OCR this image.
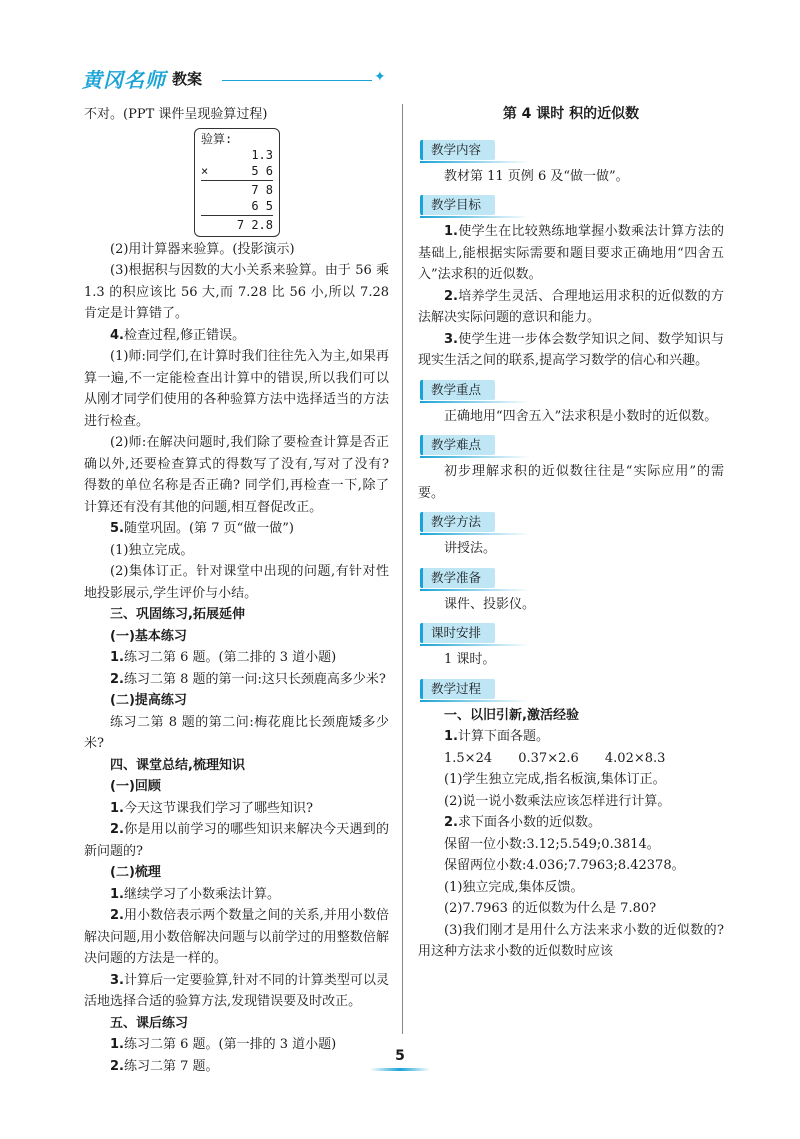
黄冈名师 教案	✦

不对。(PPT 课件呈现验算过程)

验算:
1.3
×	5 6
7 8
6 5
7 2.8

(2)用计算器来验算。(投影演示)

(3)根据积与因数的大小关系来验算。由于 56 乘 1.3 的积应该比 56 大,而 7.28 比 56 小,所以 7.28 肯定是计算错了。

4.检查过程,修正错误。

(1)师:同学们,在计算时我们往往先入为主,如果再算一遍,不一定能检查出计算中的错误,所以我们可以从刚才同学们使用的各种验算方法中选择适当的方法进行检查。

(2)师:在解决问题时,我们除了要检查计算是否正确以外,还要检查算式的得数写了没有,写对了没有? 得数的单位名称是否正确? 同学们,再检查一下,除了计算还有没有其他的问题,相互督促改正。

5.随堂巩固。(第 7 页“做一做”)

(1)独立完成。

(2)集体订正。针对课堂中出现的问题,有针对性地投影展示,学生评价与小结。

三、巩固练习,拓展延伸

(一)基本练习

1.练习二第 6 题。(第二排的 3 道小题)

2.练习二第 8 题的第一问:这只长颈鹿高多少米?

(二)提高练习

练习二第 8 题的第二问:梅花鹿比长颈鹿矮多少米?

四、课堂总结,梳理知识

(一)回顾

1.今天这节课我们学习了哪些知识?

2.你是用以前学习的哪些知识来解决今天遇到的新问题的?

(二)梳理

1.继续学习了小数乘法计算。

2.用小数倍表示两个数量之间的关系,并用小数倍解决问题,用小数倍解决问题与以前学过的用整数倍解决问题的方法是一样的。

3.计算后一定要验算,针对不同的计算类型可以灵活地选择合适的验算方法,发现错误要及时改正。

五、课后练习

1.练习二第 6 题。(第一排的 3 道小题)

2.练习二第 7 题。

第 4 课时 积的近似数

教学内容

教材第 11 页例 6 及“做一做”。

教学目标

1.使学生在比较熟练地掌握小数乘法计算方法的基础上,能根据实际需要和题目要求正确地用“四舍五入”法求积的近似数。

2.培养学生灵活、合理地运用求积的近似数的方法解决实际问题的意识和能力。

3.使学生进一步体会数学知识之间、数学知识与现实生活之间的联系,提高学习数学的信心和兴趣。

教学重点

正确地用“四舍五入”法求积是小数时的近似数。

教学难点

初步理解求积的近似数往往是“实际应用”的需要。

教学方法

讲授法。

教学准备

课件、投影仪。

课时安排

1 课时。

教学过程

一、以旧引新,激活经验

1.计算下面各题。

1.5×24 0.37×2.6 4.02×8.3

(1)学生独立完成,指名板演,集体订正。

(2)说一说小数乘法应该怎样进行计算。

2.求下面各小数的近似数。

保留一位小数:3.12;5.549;0.3814。

保留两位小数:4.036;7.7963;8.42378。

(1)独立完成,集体反馈。

(2)7.7963 的近似数为什么是 7.80?

(3)我们刚才是用什么方法来求小数的近似数的? 用这种方法求小数的近似数时应该

5
